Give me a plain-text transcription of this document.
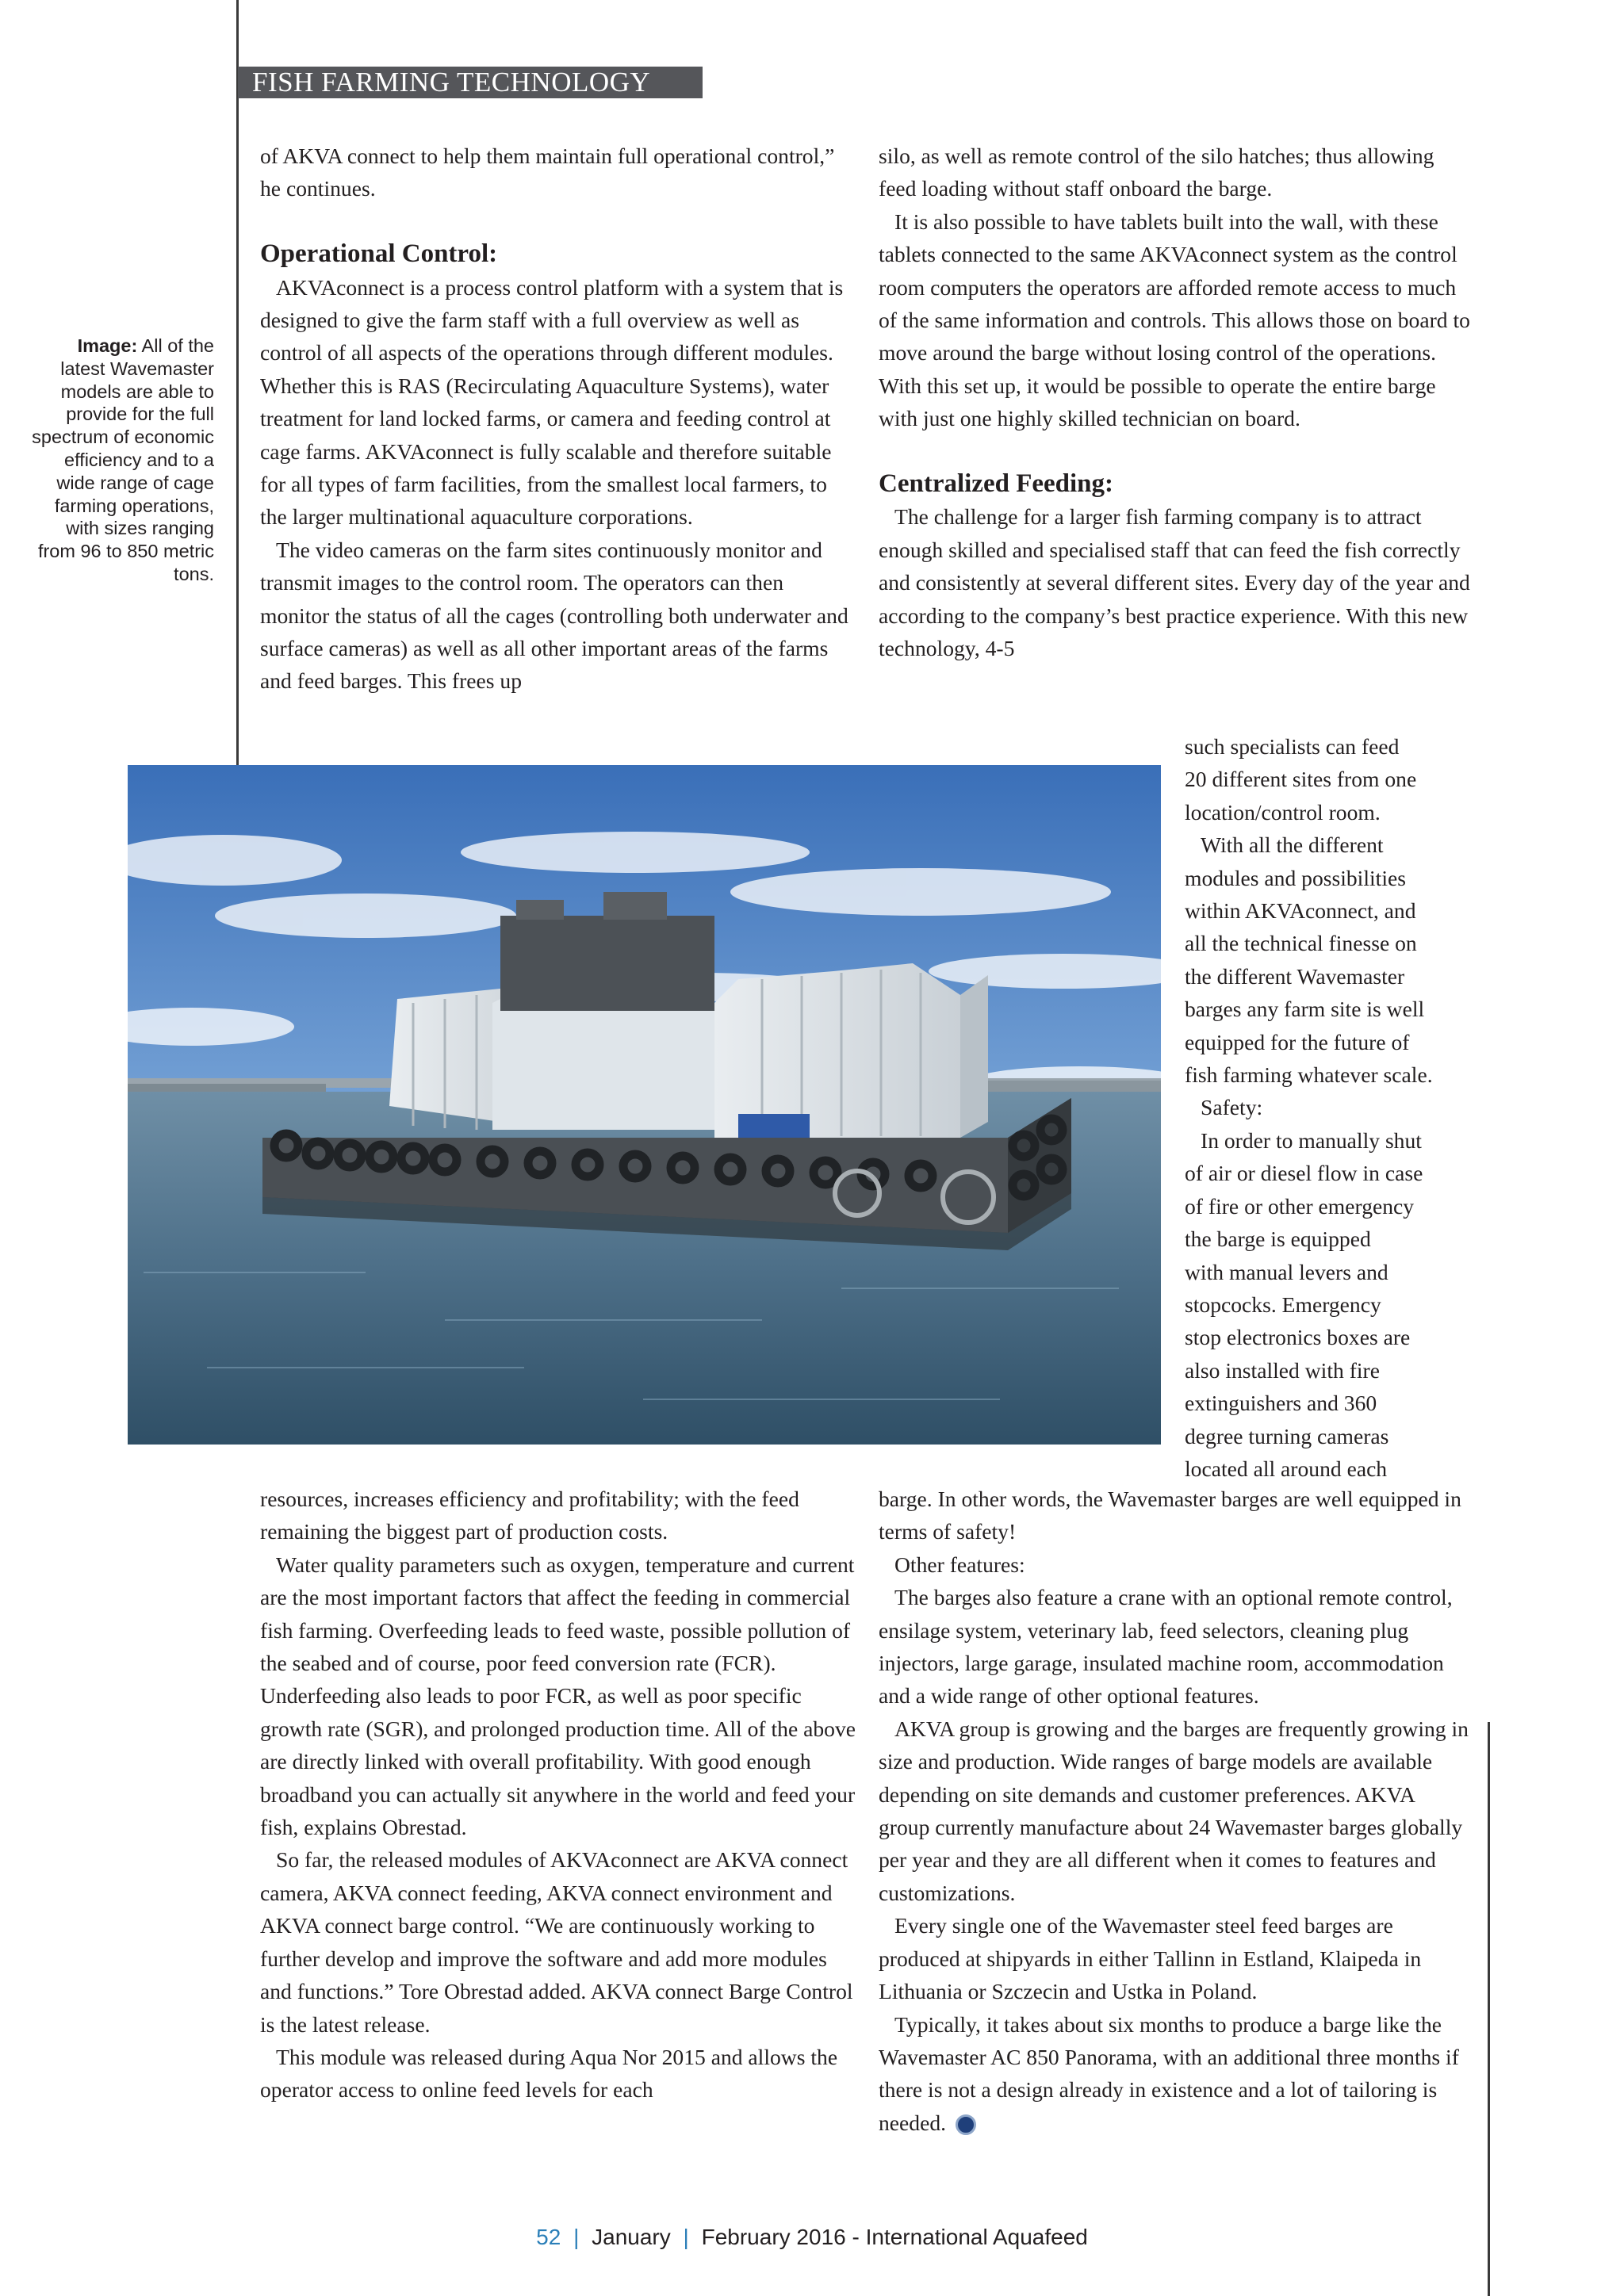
FISH FARMING TECHNOLOGY
Image: All of the latest Wavemaster models are able to provide for the full spectrum of economic efficiency and to a wide range of cage farming operations, with sizes ranging from 96 to 850 metric tons.

of AKVA connect to help them maintain full operational control,” he continues.

Operational Control:

AKVAconnect is a process control platform with a system that is designed to give the farm staff with a full overview as well as control of all aspects of the operations through different modules. Whether this is RAS (Recirculating Aquaculture Systems), water treatment for land locked farms, or camera and feeding control at cage farms. AKVAconnect is fully scalable and therefore suitable for all types of farm facilities, from the smallest local farmers, to the larger multinational aquaculture corporations.

The video cameras on the farm sites continuously monitor and transmit images to the control room. The operators can then monitor the status of all the cages (controlling both underwater and surface cameras) as well as all other important areas of the farms and feed barges. This frees up

silo, as well as remote control of the silo hatches; thus allowing feed loading without staff onboard the barge.

It is also possible to have tablets built into the wall, with these tablets connected to the same AKVAconnect system as the control room computers the operators are afforded remote access to much of the same information and controls. This allows those on board to move around the barge without losing control of the operations. With this set up, it would be possible to operate the entire barge with just one highly skilled technician on board.

Centralized Feeding:

The challenge for a larger fish farming company is to attract enough skilled and specialised staff that can feed the fish correctly and consistently at several different sites. Every day of the year and according to the company’s best practice experience. With this new technology, 4-5

such specialists can feed
20 different sites from one
location/control room.
With all the different
modules and possibilities
within AKVAconnect, and
all the technical finesse on
the different Wavemaster
barges any farm site is well
equipped for the future of
fish farming whatever scale.
Safety:
In order to manually shut
of air or diesel flow in case
of fire or other emergency
the barge is equipped
with manual levers and
stopcocks. Emergency
stop electronics boxes are
also installed with fire
extinguishers and 360
degree turning cameras
located all around each

resources, increases efficiency and profitability; with the feed remaining the biggest part of production costs.

Water quality parameters such as oxygen, temperature and current are the most important factors that affect the feeding in commercial fish farming. Overfeeding leads to feed waste, possible pollution of the seabed and of course, poor feed conversion rate (FCR). Underfeeding also leads to poor FCR, as well as poor specific growth rate (SGR), and prolonged production time. All of the above are directly linked with overall profitability. With good enough broadband you can actually sit anywhere in the world and feed your fish, explains Obrestad.

So far, the released modules of AKVAconnect are AKVA connect camera, AKVA connect feeding, AKVA connect environment and AKVA connect barge control. “We are continuously working to further develop and improve the software and add more modules and functions.” Tore Obrestad added. AKVA connect Barge Control is the latest release.

This module was released during Aqua Nor 2015 and allows the operator access to online feed levels for each

barge. In other words, the Wavemaster barges are well equipped in terms of safety!

Other features:

The barges also feature a crane with an optional remote control, ensilage system, veterinary lab, feed selectors, cleaning plug injectors, large garage, insulated machine room, accommodation and a wide range of other optional features.

AKVA group is growing and the barges are frequently growing in size and production. Wide ranges of barge models are available depending on site demands and customer preferences. AKVA group currently manufacture about 24 Wavemaster barges globally per year and they are all different when it comes to features and customizations.

Every single one of the Wavemaster steel feed barges are produced at shipyards in either Tallinn in Estland, Klaipeda in Lithuania or Szczecin and Ustka in Poland.

Typically, it takes about six months to produce a barge like the Wavemaster AC 850 Panorama, with an additional three months if there is not a design already in existence and a lot of tailoring is needed.

52 | January | February 2016 - International Aquafeed
